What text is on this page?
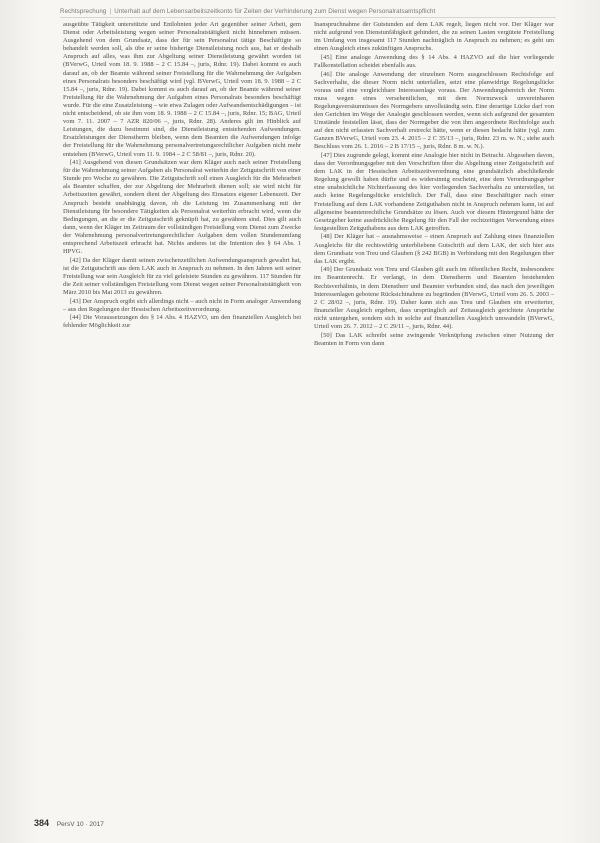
Rechtsprechung | Unterhalt auf dem Lebensarbeitszeitkonto für Zeiten der Verhinderung zum Dienst wegen Personalratsamtspflicht

ausgeübte Tätigkeit unterstützte und Entlohnten jeder Art gegenüber seiner Arbeit, gem Dienst oder Arbeitsleistung wegen seiner Personalratstätigkeit nicht hinnehmen müssen. Ausgehend von dem Grundsatz, dass der für sein Personalrat tätige Beschäftigte so behandelt werden soll, als übe er seine bisherige Dienstleistung noch aus, hat er deshalb Anspruch auf alles, was ihm zur Abgeltung seiner Dienstleistung gewährt worden ist (BVerwG, Urteil vom 18. 9. 1988 – 2 C 15.84 –, juris, Rdnr. 19). Dabei kommt es auch darauf an, ob der Beamte während seiner Freistellung für die Wahrnehmung der Aufgaben eines Personalrats besonders beschäftigt wird (vgl. BVerwG, Urteil vom 18. 9. 1988 – 2 C 15.84 –, juris, Rdnr. 19). Dabei kommt es auch darauf an, ob der Beamte während seiner Freistellung für die Wahrnehmung der Aufgaben eines Personalrats besonders beschäftigt wurde. Für die eine Zusatzleistung – wie etwa Zulagen oder Aufwandsentschädigungen – ist nicht entscheidend, ob sie ihm vom 18. 9. 1988 – 2 C 15.84 –, juris, Rdnr. 15; BAG, Urteil vom 7. 11. 2007 – 7 AZR 820/06 –, juris, Rdnr. 28). Anderes gilt im Hinblick auf Leistungen, die dazu bestimmt sind, die Dienstleistung entstehenden Aufwendungen. Ersatzleistungen der Dienstherrn bleiben, wenn dem Beamten die Aufwendungen infolge der Freistellung für die Wahrnehmung personalvertretungsrechtlicher Aufgaben nicht mehr entstehen (BVerwG, Urteil vom 11. 9. 1984 – 2 C 58/81 –, juris, Rdnr. 20).

[41] Ausgehend von diesen Grundsätzen war dem Kläger auch nach seiner Freistellung für die Wahrnehmung seiner Aufgaben als Personalrat weiterhin der Zeitgutschrift von einer Stunde pro Woche zu gewähren. Die Zeitgutschrift soll einen Ausgleich für die Mehrarbeit als Beamter schaffen, der zur Abgeltung der Mehrarbeit dienen soll; sie wird nicht für Arbeitszeiten gewährt, sondern dient der Abgeltung des Einsatzes eigener Lebenszeit. Der Anspruch besteht unabhängig davon, ob die Leistung im Zusammenhang mit der Dienstleistung für besondere Tätigkeiten als Personalrat weiterhin erbracht wird, wenn die Bedingungen, an die er die Zeitgutschrift geknüpft hat, zu gewähren sind. Dies gilt auch dann, wenn der Kläger im Zeitraum der vollständigen Freistellung vom Dienst zum Zwecke der Wahrnehmung personalvertretungsrechtlicher Aufgaben dem vollen Stundenumfang entsprechend Arbeitszeit erbracht hat. Nichts anderes ist die Intention des § 64 Abs. 1 HPVG.

[42] Da der Kläger damit seinen zwischenzeitlichen Aufwendungsanspruch gewahrt hat, ist die Zeitgutschrift aus dem LAK auch in Anspruch zu nehmen. In den Jahren seit seiner Freistellung war sein Ausgleich für zu viel geleistete Stunden zu gewähren. 117 Stunden für die Zeit seiner vollständigen Freistellung vom Dienst wegen seiner Personalratstätigkeit von März 2010 bis Mai 2013 zu gewähren.

[43] Der Anspruch ergibt sich allerdings nicht – auch nicht in Form analoger Anwendung – aus den Regelungen der Hessischen Arbeitszeitverordnung.

[44] Die Voraussetzungen des § 14 Abs. 4 HAZVO, um den finanziellen Ausgleich bei fehlender Möglichkeit zur

Inanspruchnahme der Gutstunden auf dem LAK regelt, liegen nicht vor. Der Kläger war nicht aufgrund von Dienstunfähigkeit gehindert, die zu seinen Lasten vergütete Freistellung im Umfang von insgesamt 117 Stunden nachträglich in Anspruch zu nehmen; es geht um einen Ausgleich eines zukünftigen Anspruchs.

[45] Eine analoge Anwendung des § 14 Abs. 4 HAZVO auf die hier vorliegende Fallkonstellation scheidet ebenfalls aus.

[46] Die analoge Anwendung der einzelnen Norm ausgeschlossen Rechtsfolge auf Sachverhalte, die dieser Norm nicht unterfallen, setzt eine planwidrige Regelungslücke voraus und eine vergleichbare Interessenlage voraus. Der Anwendungsbereich der Norm muss wegen eines versehentlichen, mit dem Normzweck unvereinbaren Regelungsversäumnisses des Normgebers unvollständig sein. Eine derartige Lücke darf von den Gerichten im Wege der Analogie geschlossen werden, wenn sich aufgrund der gesamten Umstände feststellen lässt, dass der Normgeber die von ihm angeordnete Rechtsfolge auch auf den nicht erfassten Sachverhalt erstreckt hätte, wenn er diesen bedacht hätte (vgl. zum Ganzen BVerwG, Urteil vom 23. 4. 2015 – 2 C 35/13 –, juris, Rdnr. 23 m. w. N.; siehe auch Beschluss vom 26. 1. 2016 – 2 B 17/15 –, juris, Rdnr. 8 m. w. N.).

[47] Dies zugrunde gelegt, kommt eine Analogie hier nicht in Betracht. Abgesehen davon, dass der Verordnungsgeber mit den Vorschriften über die Abgeltung einer Zeitgutschrift auf dem LAK in der Hessischen Arbeitszeitverordnung eine grundsätzlich abschließende Regelung gewollt haben dürfte und es widersinnig erscheint, eine dem Verordnungsgeber eine unabsichtliche Nichterfassung des hier vorliegenden Sachverhalts zu unterstellen, ist auch keine Regelungslücke ersichtlich. Der Fall, dass eine Beschäftigter nach einer Freistellung auf dem LAK vorhandene Zeitguthaben nicht in Anspruch nehmen kann, ist auf allgemeine beamtenrechtliche Grundsätze zu lösen. Auch vor diesem Hintergrund hätte der Gesetzgeber keine ausdrückliche Regelung für den Fall der rechtzeitigen Verwendung eines festgestellten Zeitguthabens aus dem LAK getroffen.

[48] Der Kläger hat – ausnahmsweise – einen Anspruch auf Zahlung eines finanziellen Ausgleichs für die rechtswidrig unterbliebene Gutschrift auf dem LAK, der sich hier aus dem Grundsatz von Treu und Glauben (§ 242 BGB) in Verbindung mit den Regelungen über das LAK ergibt.

[49] Der Grundsatz von Treu und Glauben gilt auch im öffentlichen Recht, insbesondere im Beamtenrecht. Er verlangt, in dem Dienstherrn und Beamten bestehenden Rechtsverhältnis, in dem Dienstherr und Beamter verbunden sind, das nach den jeweiligen Interessenlagen gebotene Rücksichtnahme zu begründen (BVerwG, Urteil vom 26. 5. 2003 – 2 C 28/02 –, juris, Rdnr. 19). Daher kann sich aus Treu und Glauben ein erweiterter, finanzieller Ausgleich ergeben, dass ursprünglich auf Zeitausgleich gerichtete Ansprüche nicht untergehen, sondern sich in solche auf finanziellen Ausgleich umwandeln (BVerwG, Urteil vom 26. 7. 2012 – 2 C 29/11 –, juris, Rdnr. 44).

[50] Das LAK schreibt seine zwingende Verknüpfung zwischen einer Nutzung der Beamten in Form von dann

384 PersV 10 · 2017
